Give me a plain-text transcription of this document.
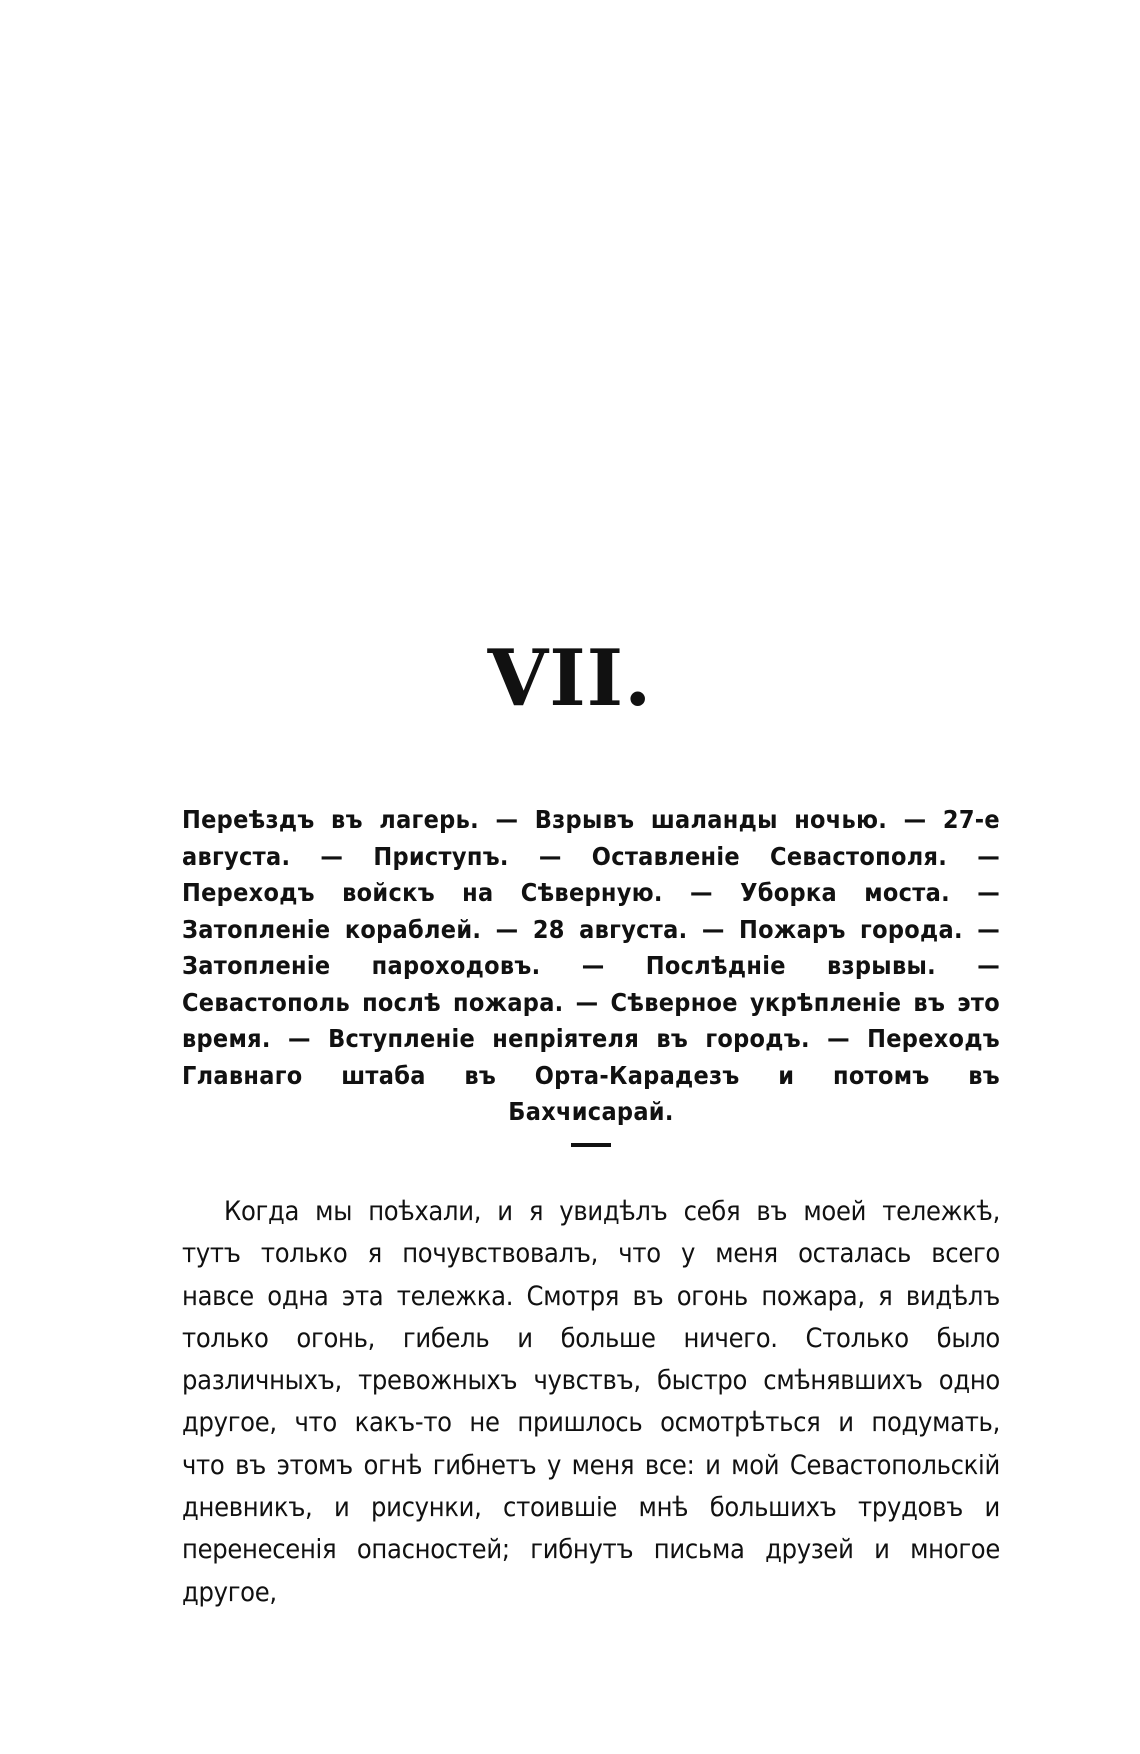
VII.

Переѣздъ въ лагерь. — Взрывъ шаланды ночью. — 27-е августа. — Приступъ. — Оставленіе Севастополя. — Переходъ войскъ на Сѣверную. — Уборка моста. — Затопленіе кораблей. — 28 августа. — Пожаръ города. — Затопленіе пароходовъ. — Послѣдніе взрывы. — Севастополь послѣ пожара. — Сѣверное укрѣпленіе въ это время. — Вступленіе непріятеля въ городъ. — Переходъ Главнаго штаба въ Орта-Карадезъ и потомъ въ Бахчисарай.

Когда мы поѣхали, и я увидѣлъ себя въ моей тележкѣ, тутъ только я почувствовалъ, что у меня осталась всего навсе одна эта тележка. Смотря въ огонь пожара, я видѣлъ только огонь, гибель и больше ничего. Столько было различныхъ, тревожныхъ чувствъ, быстро смѣнявшихъ одно другое, что какъ-то не пришлось осмотрѣться и подумать, что въ этомъ огнѣ гибнетъ у меня все: и мой Севастопольскій дневникъ, и рисунки, стоившіе мнѣ большихъ трудовъ и перенесенія опасностей; гибнутъ письма друзей и многое другое,
